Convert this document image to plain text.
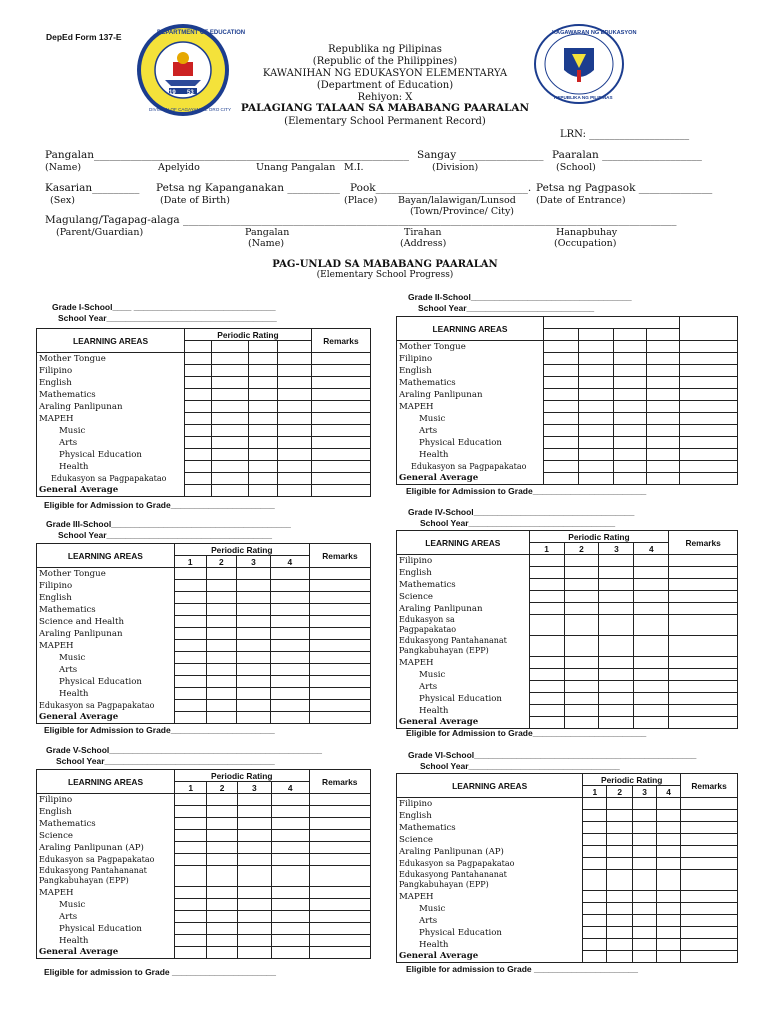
DepEd Form 137-E	DEPARTMENT OF EDUCATION
DIVISION OF CAGAYAN DE ORO CITY
19 53
KAGAWARAN NG EDUKASYON
REPUBLIKA NG PILIPINAS
Republika ng Pilipinas
(Republic of the Philippines)
KAWANIHAN NG EDUKASYON ELEMENTARYA
(Department of Education)
Rehiyon: X
PALAGIANG TALAAN SA MABABANG PAARALAN
(Elementary School Permanent Record)
LRN: ____________________
Pangalan____________________________________________________________
(Name)	Apelyido	Unang Pangalan M.I.
Sangay ________________
(Division)
Paaralan ___________________
(School)
Kasarian_________
(Sex)
Petsa ng Kapanganakan __________
(Date of Birth)
Pook_____________________________.
(Place) Bayan/lalawigan/Lunsod
(Town/Province/ City)
Petsa ng Pagpasok ______________
(Date of Entrance)
Magulang/Tagapag-alaga ______________________________________________________________________________________________
(Parent/Guardian)	Pangalan
(Name)
Tirahan
(Address)
Hanapbuhay
(Occupation)
PAG-UNLAD SA MABABANG PAARALAN
(Elementary School Progress)
Grade I-School____ ______________________________
School Year____________________________________
LEARNING AREAS	Periodic Rating				Remarks

Mother Tongue					
Filipino					
English					
Mathematics					
Araling Panlipunan					
MAPEH					
Music					
Arts					
Physical Education					
Health					
Edukasyon sa Pagpapakatao					
General Average					
Eligible for Admission to Grade______________________
Grade II-School__________________________________
School Year___________________________
LEARNING AREAS					

Mother Tongue					
Filipino					
English					
Mathematics					
Araling Panlipunan					
MAPEH					
Music					
Arts					
Physical Education					
Health					
Edukasyon sa Pagpapakatao					
General Average					
Eligible for Admission to Grade________________________
Grade III-School______________________________________
School Year___________________________________
LEARNING AREAS	Periodic Rating				Remarks
	1	2	3	4	
Mother Tongue					
Filipino					
English					
Mathematics					
Science and Health					
Araling Panlipunan					
MAPEH					
Music					
Arts					
Physical Education					
Health					
Edukasyon sa Pagpapakatao					
General Average					
Eligible for Admission to Grade______________________
Grade IV-School__________________________________
School Year_______________________________
LEARNING AREAS	Periodic Rating				Remarks
	1	2	3	4	
Filipino					
English					
Mathematics					
Science					
Araling Panlipunan					

Edukasyon sa
Pagpapakatao					

Edukasyong Pantahananat
Pangkabuhayan (EPP)					

MAPEH					
Music					
Arts					
Physical Education					
Health					
General Average					
Eligible for Admission to Grade________________________
Grade V-School_____________________________________________
School Year____________________________________
LEARNING AREAS	Periodic Rating				Remarks
	1	2	3	4	
Filipino					
English					
Mathematics					
Science					
Araling Panlipunan (AP)					
Edukasyon sa Pagpapakatao					

Edukasyong Pantahananat
Pangkabuhayan (EPP)					

MAPEH					
Music					
Arts					
Physical Education					
Health					
General Average					
Eligible for admission to Grade ______________________
Grade VI-School_______________________________________________
School Year________________________________
LEARNING AREAS	Periodic Rating				Remarks
	1	2	3	4	
Filipino					
English					
Mathematics					
Science					
Araling Panlipunan (AP)					
Edukasyon sa Pagpapakatao					

Edukasyong Pantahananat
Pangkabuhayan (EPP)					

MAPEH					
Music					
Arts					
Physical Education					
Health					
General Average					
Eligible for admission to Grade ______________________
